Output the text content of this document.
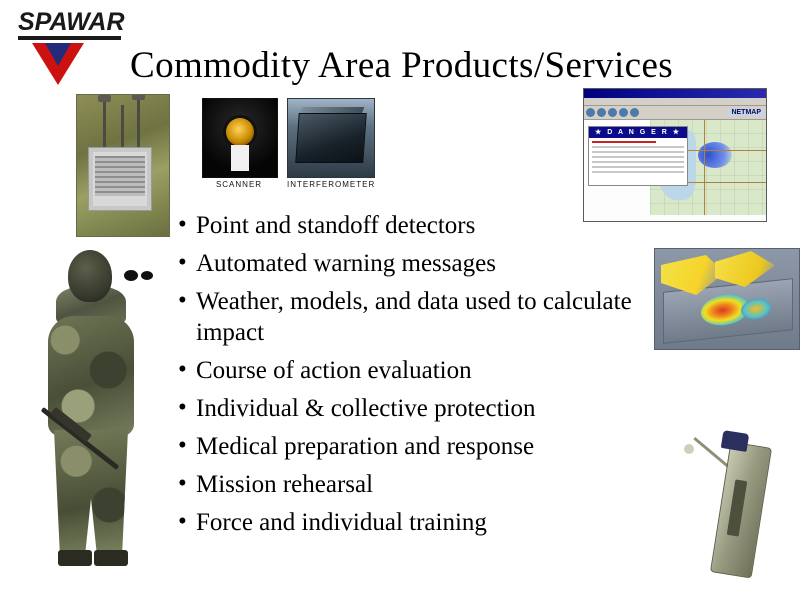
SPAWAR
Commodity Area Products/Services
SCANNER	INTERFEROMETER
NETMAP
★ D A N G E R ★
• Point and standoff detectors
• Automated warning messages
• Weather, models, and data used to calculate impact
• Course of action evaluation
• Individual & collective protection
• Medical preparation and response
• Mission rehearsal
• Force and individual training
